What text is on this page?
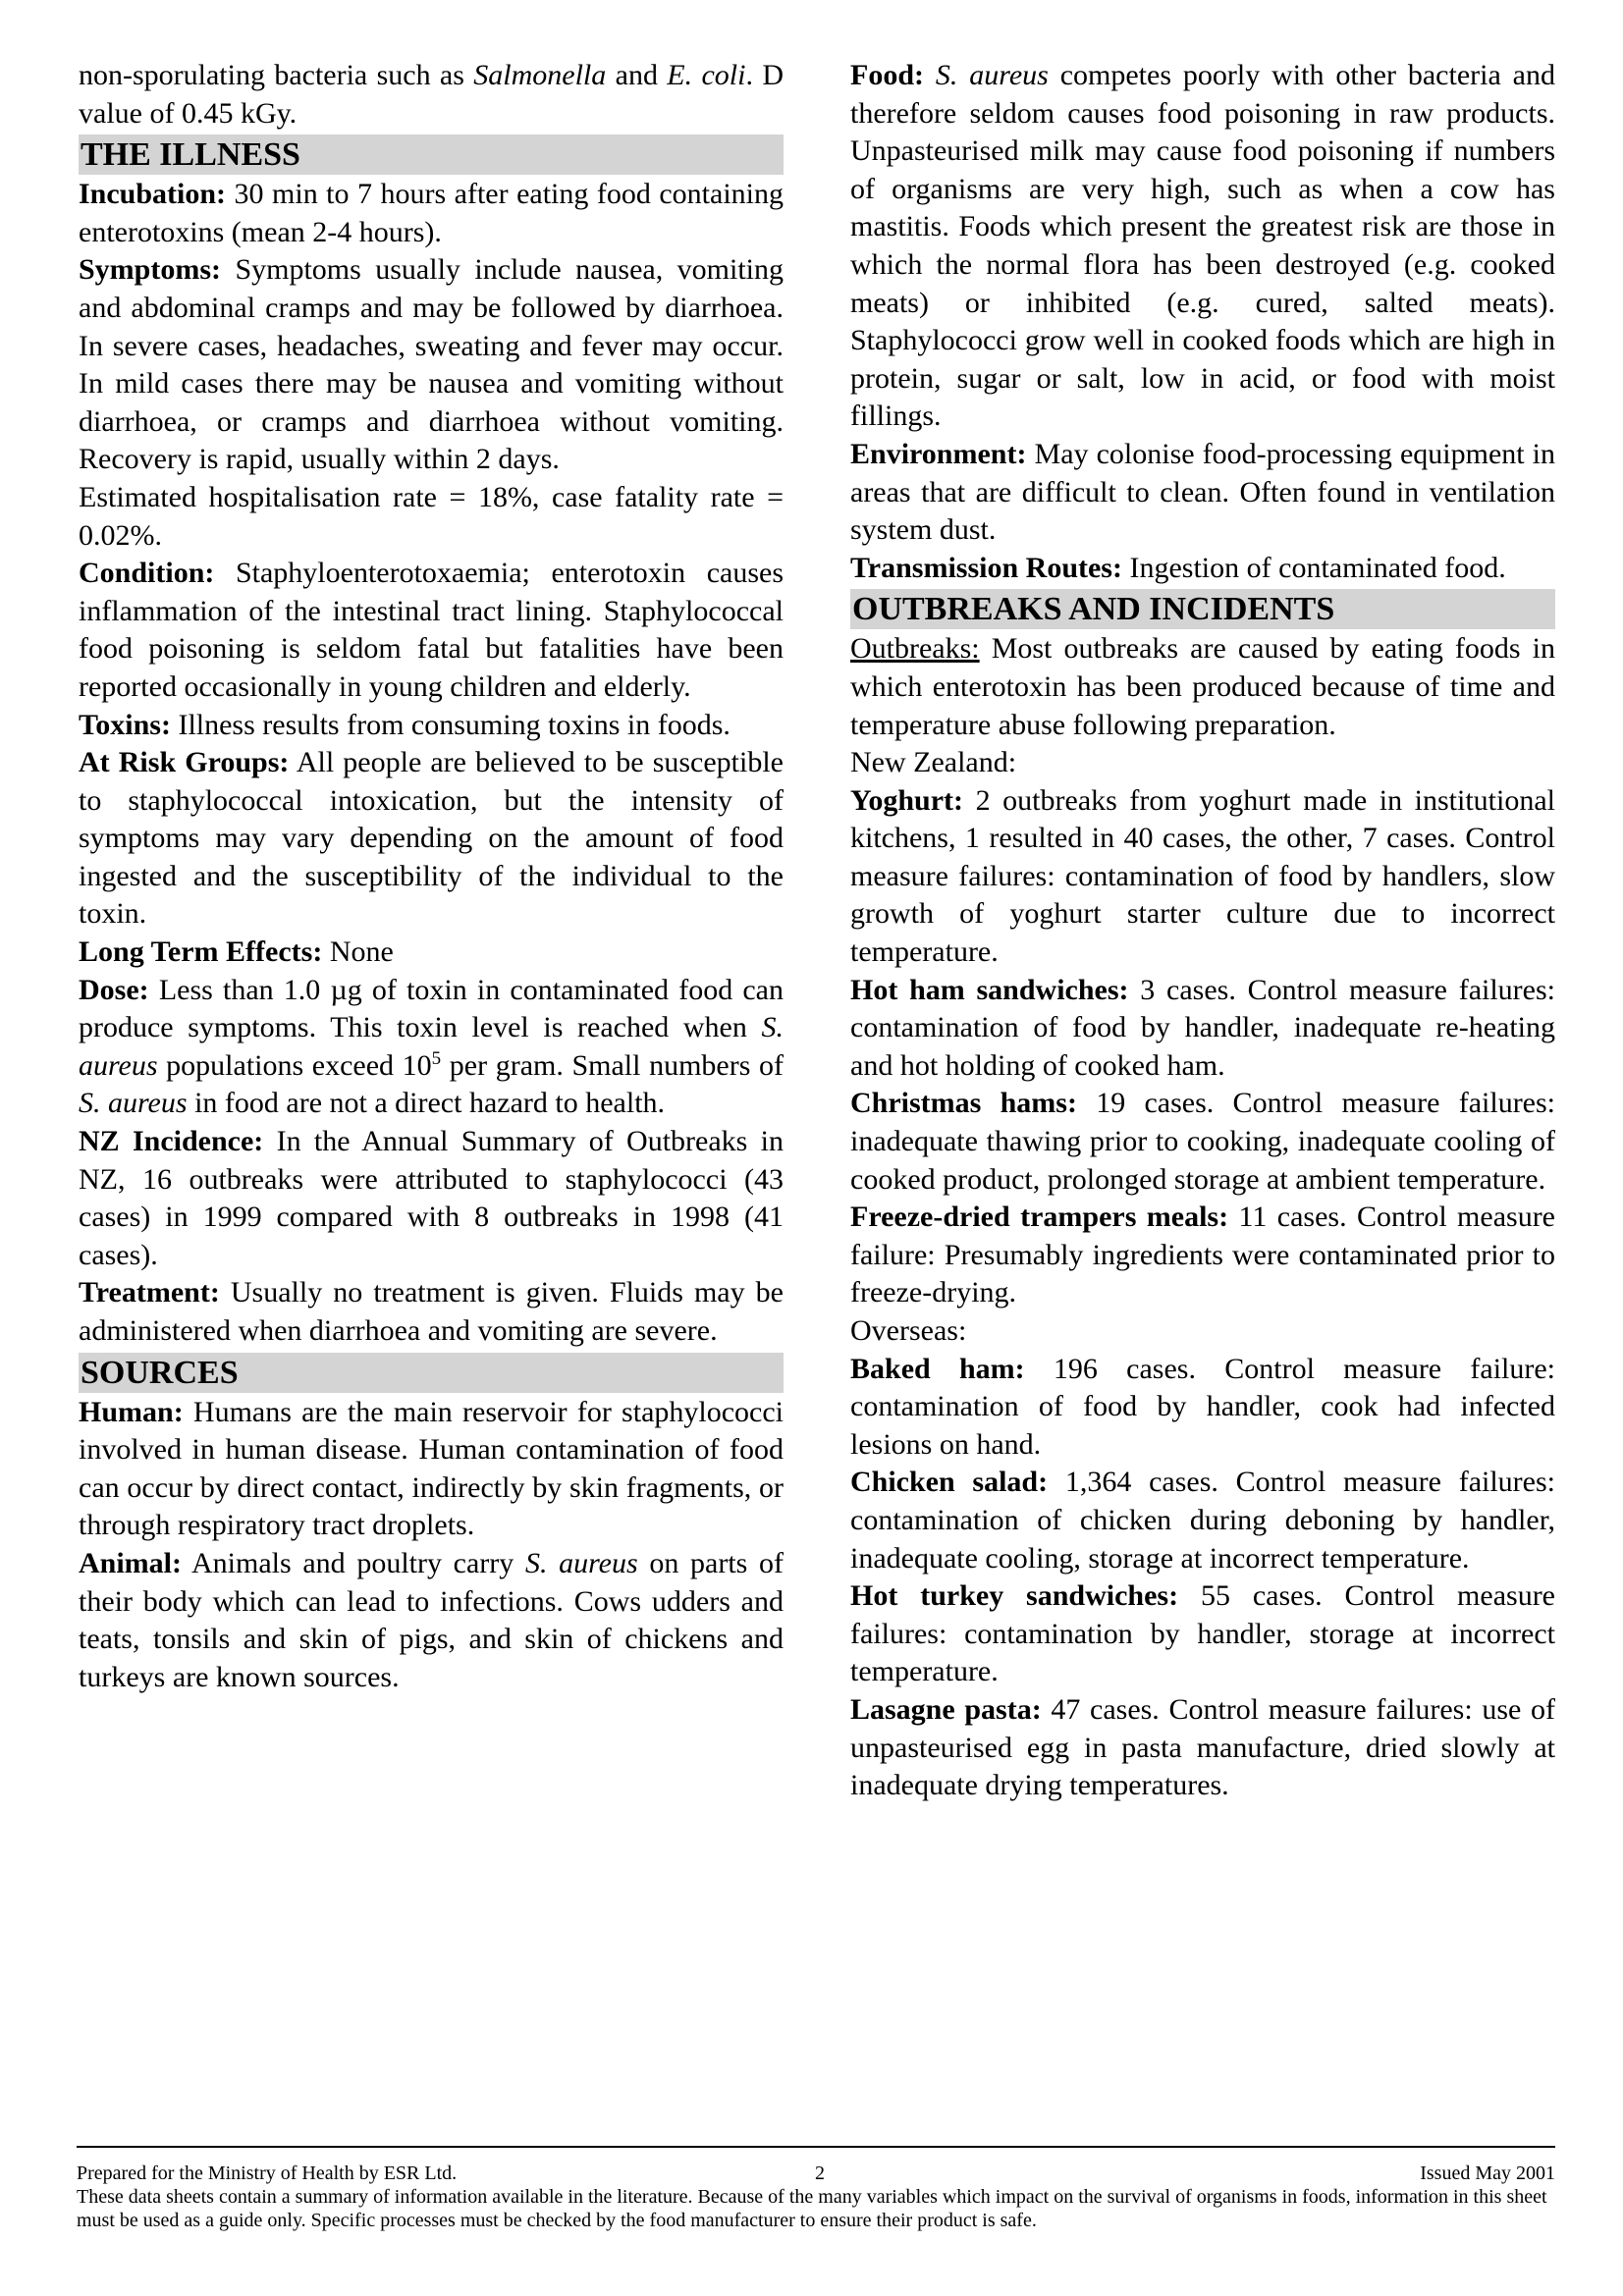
non-sporulating bacteria such as Salmonella and E. coli. D value of 0.45 kGy.

THE ILLNESS

Incubation: 30 min to 7 hours after eating food containing enterotoxins (mean 2-4 hours).

Symptoms: Symptoms usually include nausea, vomiting and abdominal cramps and may be followed by diarrhoea. In severe cases, headaches, sweating and fever may occur. In mild cases there may be nausea and vomiting without diarrhoea, or cramps and diarrhoea without vomiting. Recovery is rapid, usually within 2 days.

Estimated hospitalisation rate = 18%, case fatality rate = 0.02%.

Condition: Staphyloenterotoxaemia; enterotoxin causes inflammation of the intestinal tract lining. Staphylococcal food poisoning is seldom fatal but fatalities have been reported occasionally in young children and elderly.

Toxins: Illness results from consuming toxins in foods.

At Risk Groups: All people are believed to be susceptible to staphylococcal intoxication, but the intensity of symptoms may vary depending on the amount of food ingested and the susceptibility of the individual to the toxin.

Long Term Effects: None

Dose: Less than 1.0 µg of toxin in contaminated food can produce symptoms. This toxin level is reached when S. aureus populations exceed $10^5$ per gram. Small numbers of S. aureus in food are not a direct hazard to health.

NZ Incidence: In the Annual Summary of Outbreaks in NZ, 16 outbreaks were attributed to staphylococci (43 cases) in 1999 compared with 8 outbreaks in 1998 (41 cases).

Treatment: Usually no treatment is given. Fluids may be administered when diarrhoea and vomiting are severe.

SOURCES

Human: Humans are the main reservoir for staphylococci involved in human disease. Human contamination of food can occur by direct contact, indirectly by skin fragments, or through respiratory tract droplets.

Animal: Animals and poultry carry S. aureus on parts of their body which can lead to infections. Cows udders and teats, tonsils and skin of pigs, and skin of chickens and turkeys are known sources.

Food: S. aureus competes poorly with other bacteria and therefore seldom causes food poisoning in raw products. Unpasteurised milk may cause food poisoning if numbers of organisms are very high, such as when a cow has mastitis. Foods which present the greatest risk are those in which the normal flora has been destroyed (e.g. cooked meats) or inhibited (e.g. cured, salted meats). Staphylococci grow well in cooked foods which are high in protein, sugar or salt, low in acid, or food with moist fillings.

Environment: May colonise food-processing equipment in areas that are difficult to clean. Often found in ventilation system dust.

Transmission Routes: Ingestion of contaminated food.

OUTBREAKS AND INCIDENTS

Outbreaks: Most outbreaks are caused by eating foods in which enterotoxin has been produced because of time and temperature abuse following preparation.

New Zealand:

Yoghurt: 2 outbreaks from yoghurt made in institutional kitchens, 1 resulted in 40 cases, the other, 7 cases. Control measure failures: contamination of food by handlers, slow growth of yoghurt starter culture due to incorrect temperature.

Hot ham sandwiches: 3 cases. Control measure failures: contamination of food by handler, inadequate re-heating and hot holding of cooked ham.

Christmas hams: 19 cases. Control measure failures: inadequate thawing prior to cooking, inadequate cooling of cooked product, prolonged storage at ambient temperature.

Freeze-dried trampers meals: 11 cases. Control measure failure: Presumably ingredients were contaminated prior to freeze-drying.

Overseas:

Baked ham: 196 cases. Control measure failure: contamination of food by handler, cook had infected lesions on hand.

Chicken salad: 1,364 cases. Control measure failures: contamination of chicken during deboning by handler, inadequate cooling, storage at incorrect temperature.

Hot turkey sandwiches: 55 cases. Control measure failures: contamination by handler, storage at incorrect temperature.

Lasagne pasta: 47 cases. Control measure failures: use of unpasteurised egg in pasta manufacture, dried slowly at inadequate drying temperatures.

Prepared for the Ministry of Health by ESR Ltd.	2	Issued May 2001

These data sheets contain a summary of information available in the literature. Because of the many variables which impact on the survival of organisms in foods, information in this sheet must be used as a guide only. Specific processes must be checked by the food manufacturer to ensure their product is safe.
